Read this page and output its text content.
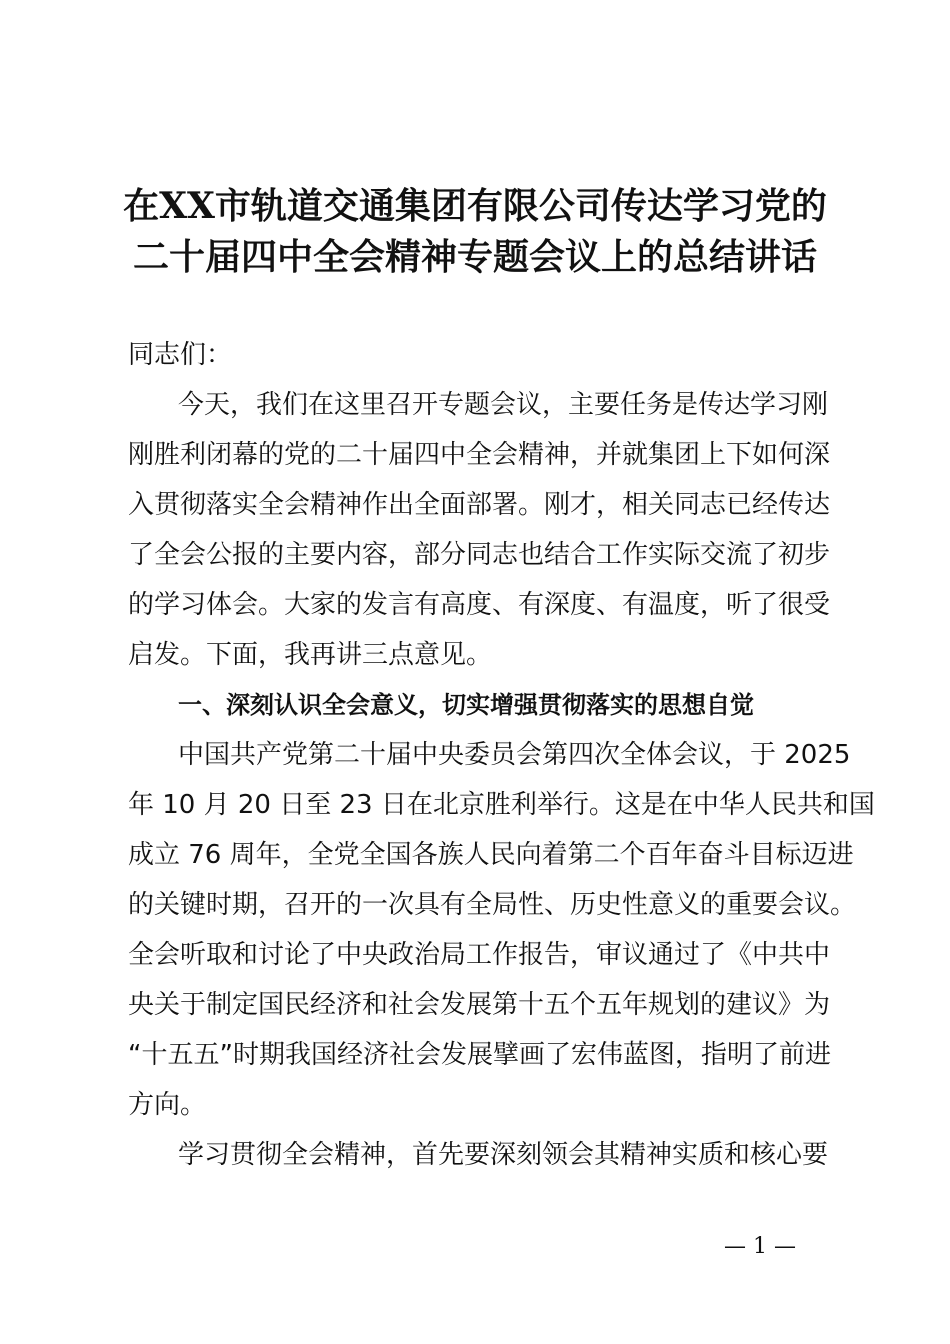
在XX市轨道交通集团有限公司传达学习党的
二十届四中全会精神专题会议上的总结讲话
同志们：
今天，我们在这里召开专题会议，主要任务是传达学习刚
刚胜利闭幕的党的二十届四中全会精神，并就集团上下如何深
入贯彻落实全会精神作出全面部署。刚才，相关同志已经传达
了全会公报的主要内容，部分同志也结合工作实际交流了初步
的学习体会。大家的发言有高度、有深度、有温度，听了很受
启发。下面，我再讲三点意见。
一、深刻认识全会意义，切实增强贯彻落实的思想自觉
中国共产党第二十届中央委员会第四次全体会议，于 2025
年 10 月 20 日至 23 日在北京胜利举行。这是在中华人民共和国
成立 76 周年，全党全国各族人民向着第二个百年奋斗目标迈进
的关键时期，召开的一次具有全局性、历史性意义的重要会议。
全会听取和讨论了中央政治局工作报告，审议通过了《中共中
央关于制定国民经济和社会发展第十五个五年规划的建议》为
“十五五”时期我国经济社会发展擘画了宏伟蓝图，指明了前进
方向。
学习贯彻全会精神，首先要深刻领会其精神实质和核心要
— 1 —
